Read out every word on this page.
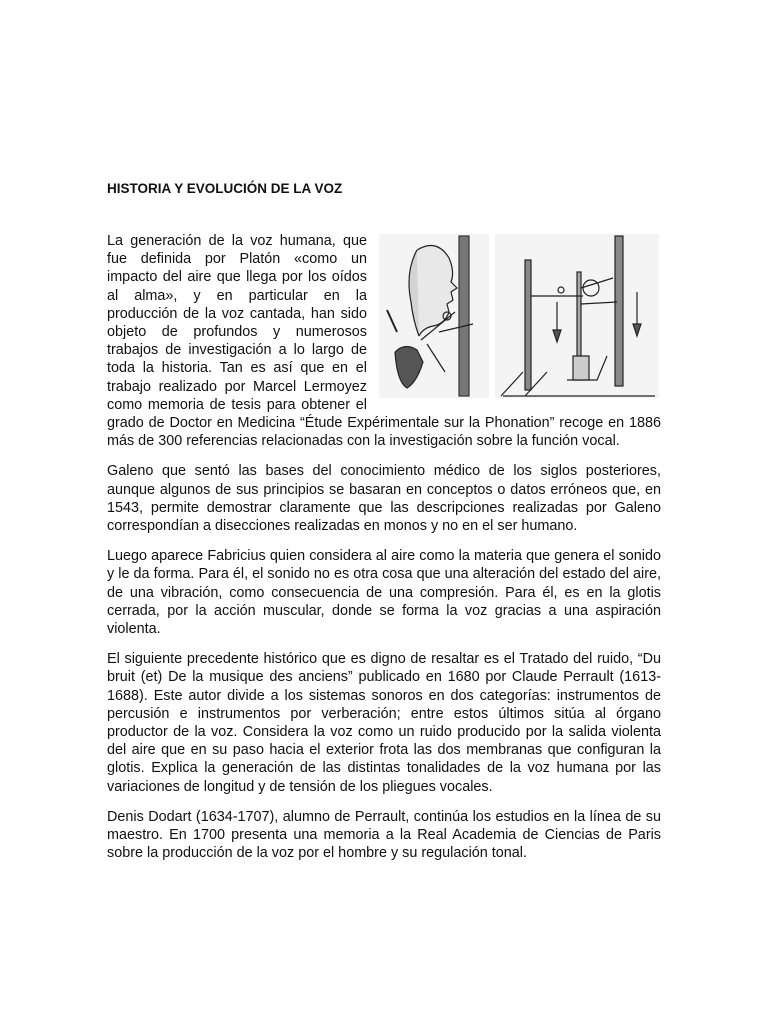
HISTORIA Y EVOLUCIÓN DE LA VOZ

La generación de la voz humana, que fue definida por Platón «como un impacto del aire que llega por los oídos al alma», y en particular en la producción de la voz cantada, han sido objeto de profundos y numerosos trabajos de investigación a lo largo de toda la historia. Tan es así que en el trabajo realizado por Marcel Lermoyez como memoria de tesis para obtener el grado de Doctor en Medicina “Étude Expérimentale sur la Phonation” recoge en 1886 más de 300 referencias relacionadas con la investigación sobre la función vocal.

Galeno que sentó las bases del conocimiento médico de los siglos posteriores, aunque algunos de sus principios se basaran en conceptos o datos erróneos que, en 1543, permite demostrar claramente que las descripciones realizadas por Galeno correspondían a disecciones realizadas en monos y no en el ser humano.

Luego aparece Fabricius quien considera al aire como la materia que genera el sonido y le da forma. Para él, el sonido no es otra cosa que una alteración del estado del aire, de una vibración, como consecuencia de una compresión. Para él, es en la glotis cerrada, por la acción muscular, donde se forma la voz gracias a una aspiración violenta.

El siguiente precedente histórico que es digno de resaltar es el Tratado del ruido, “Du bruit (et) De la musique des anciens” publicado en 1680 por Claude Perrault (1613-1688). Este autor divide a los sistemas sonoros en dos categorías: instrumentos de percusión e instrumentos por verberación; entre estos últimos sitúa al órgano productor de la voz. Considera la voz como un ruido producido por la salida violenta del aire que en su paso hacia el exterior frota las dos membranas que configuran la glotis. Explica la generación de las distintas tonalidades de la voz humana por las variaciones de longitud y de tensión de los pliegues vocales.

Denis Dodart (1634-1707), alumno de Perrault, continúa los estudios en la línea de su maestro. En 1700 presenta una memoria a la Real Academia de Ciencias de Paris sobre la producción de la voz por el hombre y su regulación tonal.
